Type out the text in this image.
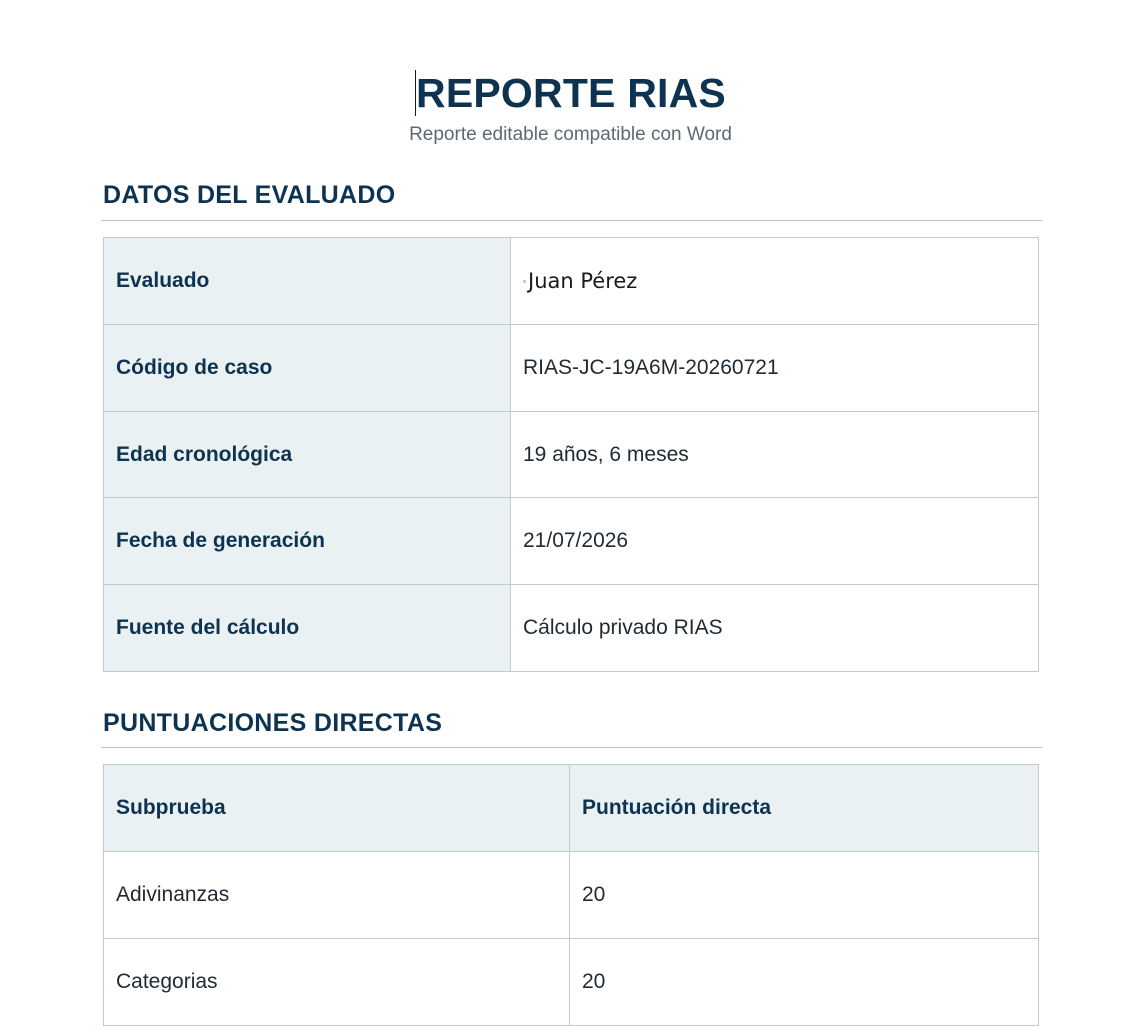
REPORTE RIAS
Reporte editable compatible con Word
DATOS DEL EVALUADO
Evaluado	Juan Pérez
Código de caso	RIAS-JC-19A6M-20260721
Edad cronológica	19 años, 6 meses
Fecha de generación	21/07/2026
Fuente del cálculo	Cálculo privado RIAS
PUNTUACIONES DIRECTAS
Subprueba	Puntuación directa
Adivinanzas	20
Categorias	20
